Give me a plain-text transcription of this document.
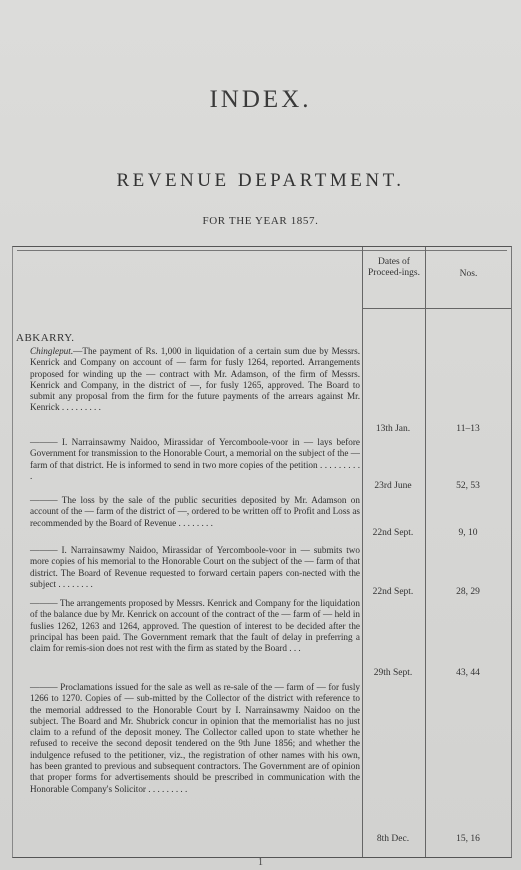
INDEX.
REVENUE DEPARTMENT.
FOR THE YEAR 1857.
Dates of Proceed-ings.	Nos.
ABKARRY.
Chingleput.—The payment of Rs. 1,000 in liquidation of a certain sum due by Messrs. Kenrick and Company on account of — farm for fusly 1264, reported. Arrangements proposed for winding up the — contract with Mr. Adamson, of the firm of Messrs. Kenrick and Company, in the district of —, for fusly 1265, approved. The Board to submit any proposal from the firm for the future payments of the arrears against Mr. Kenrick . . . . . . . . .
13th Jan.	11–13
——— I. Narrainsawmy Naidoo, Mirassidar of Yercomboole-voor in — lays before Government for transmission to the Honorable Court, a memorial on the subject of the — farm of that district. He is informed to send in two more copies of the petition . . . . . . . . . .
23rd June	52, 53
——— The loss by the sale of the public securities deposited by Mr. Adamson on account of the — farm of the district of —, ordered to be written off to Profit and Loss as recommended by the Board of Revenue . . . . . . . .
22nd Sept.	9, 10
——— I. Narrainsawmy Naidoo, Mirassidar of Yercomboole-voor in — submits two more copies of his memorial to the Honorable Court on the subject of the — farm of that district. The Board of Revenue requested to forward certain papers con-nected with the subject . . . . . . . .
22nd Sept.	28, 29
——— The arrangements proposed by Messrs. Kenrick and Company for the liquidation of the balance due by Mr. Kenrick on account of the contract of the — farm of — held in fuslies 1262, 1263 and 1264, approved. The question of interest to be decided after the principal has been paid. The Government remark that the fault of delay in preferring a claim for remis-sion does not rest with the firm as stated by the Board . . .
29th Sept.	43, 44
——— Proclamations issued for the sale as well as re-sale of the — farm of — for fusly 1266 to 1270. Copies of — sub-mitted by the Collector of the district with reference to the memorial addressed to the Honorable Court by I. Narrainsawmy Naidoo on the subject. The Board and Mr. Shubrick concur in opinion that the memorialist has no just claim to a refund of the deposit money. The Collector called upon to state whether he refused to receive the second deposit tendered on the 9th June 1856; and whether the indulgence refused to the petitioner, viz., the registration of other names with his own, has been granted to previous and subsequent contractors. The Government are of opinion that proper forms for advertisements should be prescribed in communication with the Honorable Company's Solicitor . . . . . . . . .
8th Dec.	15, 16
1
